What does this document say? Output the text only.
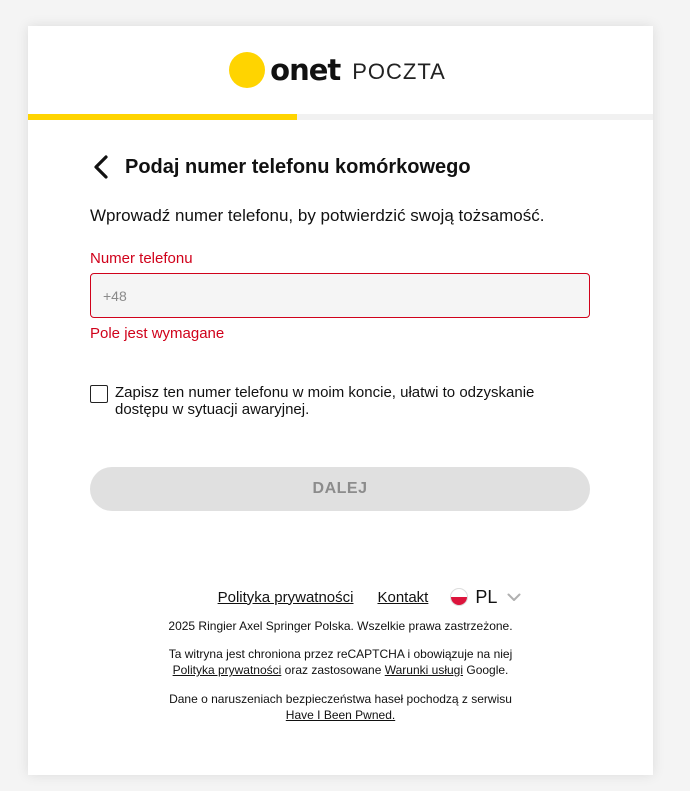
onet POCZTA
Podaj numer telefonu komórkowego

Wprowadź numer telefonu, by potwierdzić swoją tożsamość.

Numer telefonu
+48
Pole jest wymagane
Zapisz ten numer telefonu w moim koncie, ułatwi to odzyskanie dostępu w sytuacji awaryjnej.
DALEJ
Polityka prywatności Kontakt	PL

2025 Ringier Axel Springer Polska. Wszelkie prawa zastrzeżone.

Ta witryna jest chroniona przez reCAPTCHA i obowiązuje na niej Polityka prywatności oraz zastosowane Warunki usługi Google.

Dane o naruszeniach bezpieczeństwa haseł pochodzą z serwisu Have I Been Pwned.
